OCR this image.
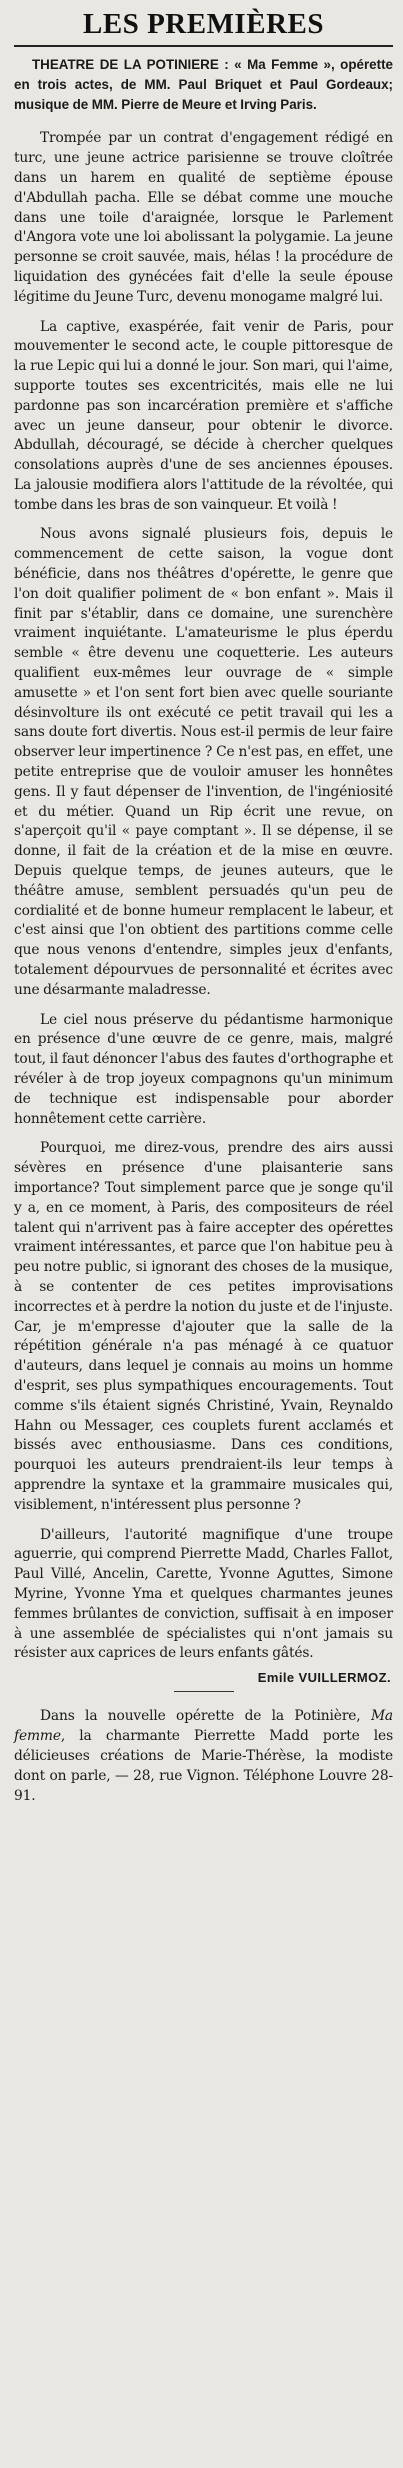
LES PREMIÈRES

THEATRE DE LA POTINIERE : « Ma Femme », opérette en trois actes, de MM. Paul Briquet et Paul Gordeaux; musique de MM. Pierre de Meure et Irving Paris.

Trompée par un contrat d'engagement rédigé en turc, une jeune actrice parisienne se trouve cloîtrée dans un harem en qualité de septième épouse d'Abdullah pacha. Elle se débat comme une mouche dans une toile d'araignée, lorsque le Parlement d'Angora vote une loi abolissant la polygamie. La jeune personne se croit sauvée, mais, hélas ! la procédure de liquidation des gynécées fait d'elle la seule épouse légitime du Jeune Turc, devenu monogame malgré lui.

La captive, exaspérée, fait venir de Paris, pour mouvementer le second acte, le couple pittoresque de la rue Lepic qui lui a donné le jour. Son mari, qui l'aime, supporte toutes ses excentricités, mais elle ne lui pardonne pas son incarcération première et s'affiche avec un jeune danseur, pour obtenir le divorce. Abdullah, découragé, se décide à chercher quelques consolations auprès d'une de ses anciennes épouses. La jalousie modifiera alors l'attitude de la révoltée, qui tombe dans les bras de son vainqueur. Et voilà !

Nous avons signalé plusieurs fois, depuis le commencement de cette saison, la vogue dont bénéficie, dans nos théâtres d'opérette, le genre que l'on doit qualifier poliment de « bon enfant ». Mais il finit par s'établir, dans ce domaine, une surenchère vraiment inquiétante. L'amateurisme le plus éperdu semble « être devenu une coquetterie. Les auteurs qualifient eux-mêmes leur ouvrage de « simple amusette » et l'on sent fort bien avec quelle souriante désinvolture ils ont exécuté ce petit travail qui les a sans doute fort divertis. Nous est-il permis de leur faire observer leur impertinence ? Ce n'est pas, en effet, une petite entreprise que de vouloir amuser les honnêtes gens. Il y faut dépenser de l'invention, de l'ingéniosité et du métier. Quand un Rip écrit une revue, on s'aperçoit qu'il « paye comptant ». Il se dépense, il se donne, il fait de la création et de la mise en œuvre. Depuis quelque temps, de jeunes auteurs, que le théâtre amuse, semblent persuadés qu'un peu de cordialité et de bonne humeur remplacent le labeur, et c'est ainsi que l'on obtient des partitions comme celle que nous venons d'entendre, simples jeux d'enfants, totalement dépourvues de personnalité et écrites avec une désarmante maladresse.

Le ciel nous préserve du pédantisme harmonique en présence d'une œuvre de ce genre, mais, malgré tout, il faut dénoncer l'abus des fautes d'orthographe et révéler à de trop joyeux compagnons qu'un minimum de technique est indispensable pour aborder honnêtement cette carrière.

Pourquoi, me direz-vous, prendre des airs aussi sévères en présence d'une plaisanterie sans importance? Tout simplement parce que je songe qu'il y a, en ce moment, à Paris, des compositeurs de réel talent qui n'arrivent pas à faire accepter des opérettes vraiment intéressantes, et parce que l'on habitue peu à peu notre public, si ignorant des choses de la musique, à se contenter de ces petites improvisations incorrectes et à perdre la notion du juste et de l'injuste. Car, je m'empresse d'ajouter que la salle de la répétition générale n'a pas ménagé à ce quatuor d'auteurs, dans lequel je connais au moins un homme d'esprit, ses plus sympathiques encouragements. Tout comme s'ils étaient signés Christiné, Yvain, Reynaldo Hahn ou Messager, ces couplets furent acclamés et bissés avec enthousiasme. Dans ces conditions, pourquoi les auteurs prendraient-ils leur temps à apprendre la syntaxe et la grammaire musicales qui, visiblement, n'intéressent plus personne ?

D'ailleurs, l'autorité magnifique d'une troupe aguerrie, qui comprend Pierrette Madd, Charles Fallot, Paul Villé, Ancelin, Carette, Yvonne Aguttes, Simone Myrine, Yvonne Yma et quelques charmantes jeunes femmes brûlantes de conviction, suffisait à en imposer à une assemblée de spécialistes qui n'ont jamais su résister aux caprices de leurs enfants gâtés.

Emile VUILLERMOZ.

Dans la nouvelle opérette de la Potinière, Ma femme, la charmante Pierrette Madd porte les délicieuses créations de Marie-Thérèse, la modiste dont on parle, — 28, rue Vignon. Téléphone Louvre 28-91.
